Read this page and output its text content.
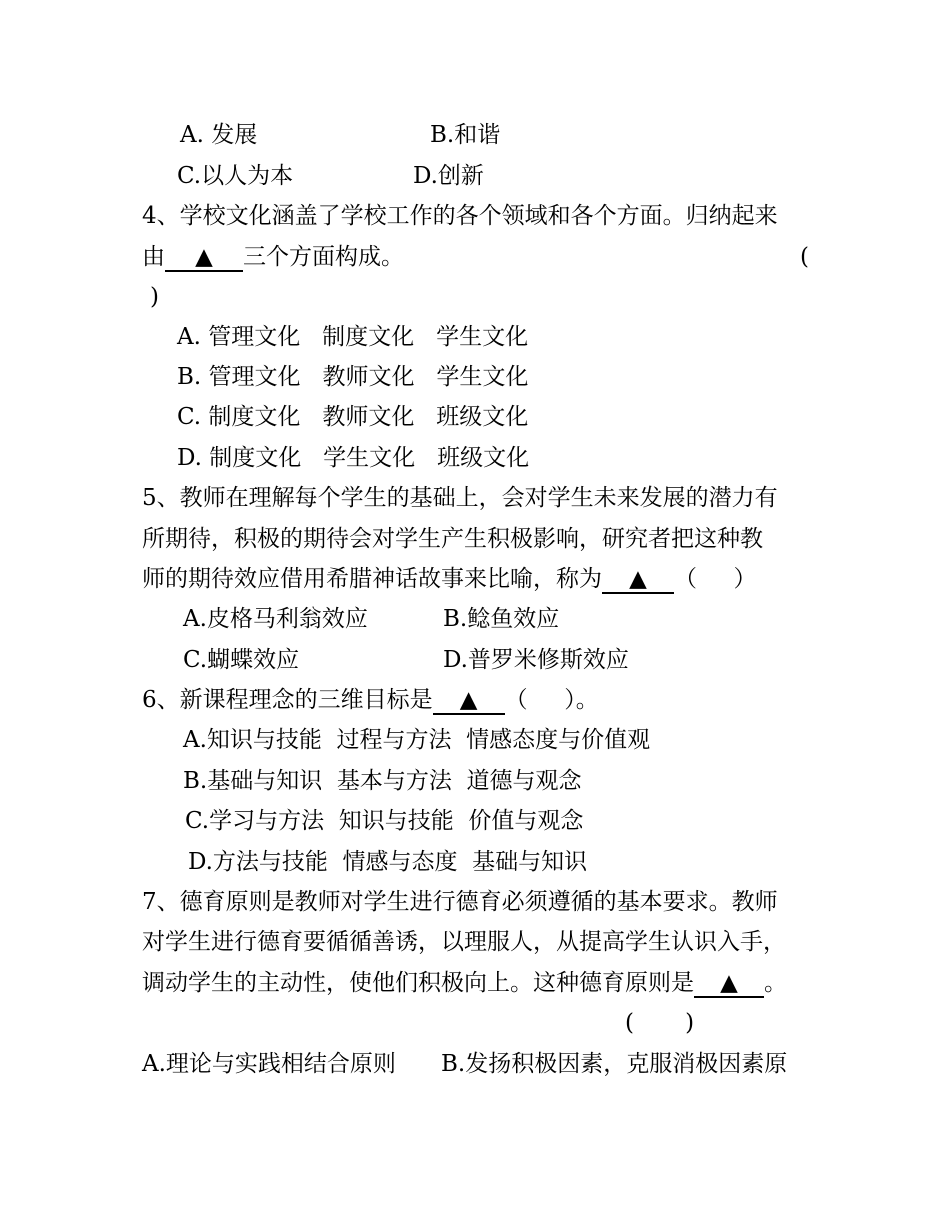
A. 发展	B.和谐
C.以人为本	D.创新
4、学校文化涵盖了学校工作的各个领域和各个方面。归纳起来
由 ▲ 三个方面构成。	(
)
A. 管理文化   制度文化   学生文化
B. 管理文化   教师文化   学生文化
C. 制度文化   教师文化   班级文化
D. 制度文化   学生文化   班级文化
5、教师在理解每个学生的基础上，会对学生未来发展的潜力有
所期待，积极的期待会对学生产生积极影响，研究者把这种教
师的期待效应借用希腊神话故事来比喻，称为 ▲ （     ）
A.皮格马利翁效应	B.鲶鱼效应
C.蝴蝶效应	D.普罗米修斯效应
6、新课程理念的三维目标是 ▲ （     ）。
A.知识与技能  过程与方法  情感态度与价值观
B.基础与知识  基本与方法  道德与观念
C.学习与方法  知识与技能  价值与观念
D.方法与技能  情感与态度  基础与知识
7、德育原则是教师对学生进行德育必须遵循的基本要求。教师
对学生进行德育要循循善诱，以理服人，从提高学生认识入手，
调动学生的主动性，使他们积极向上。这种德育原则是 ▲ 。
(       )
A.理论与实践相结合原则 B.发扬积极因素，克服消极因素原
